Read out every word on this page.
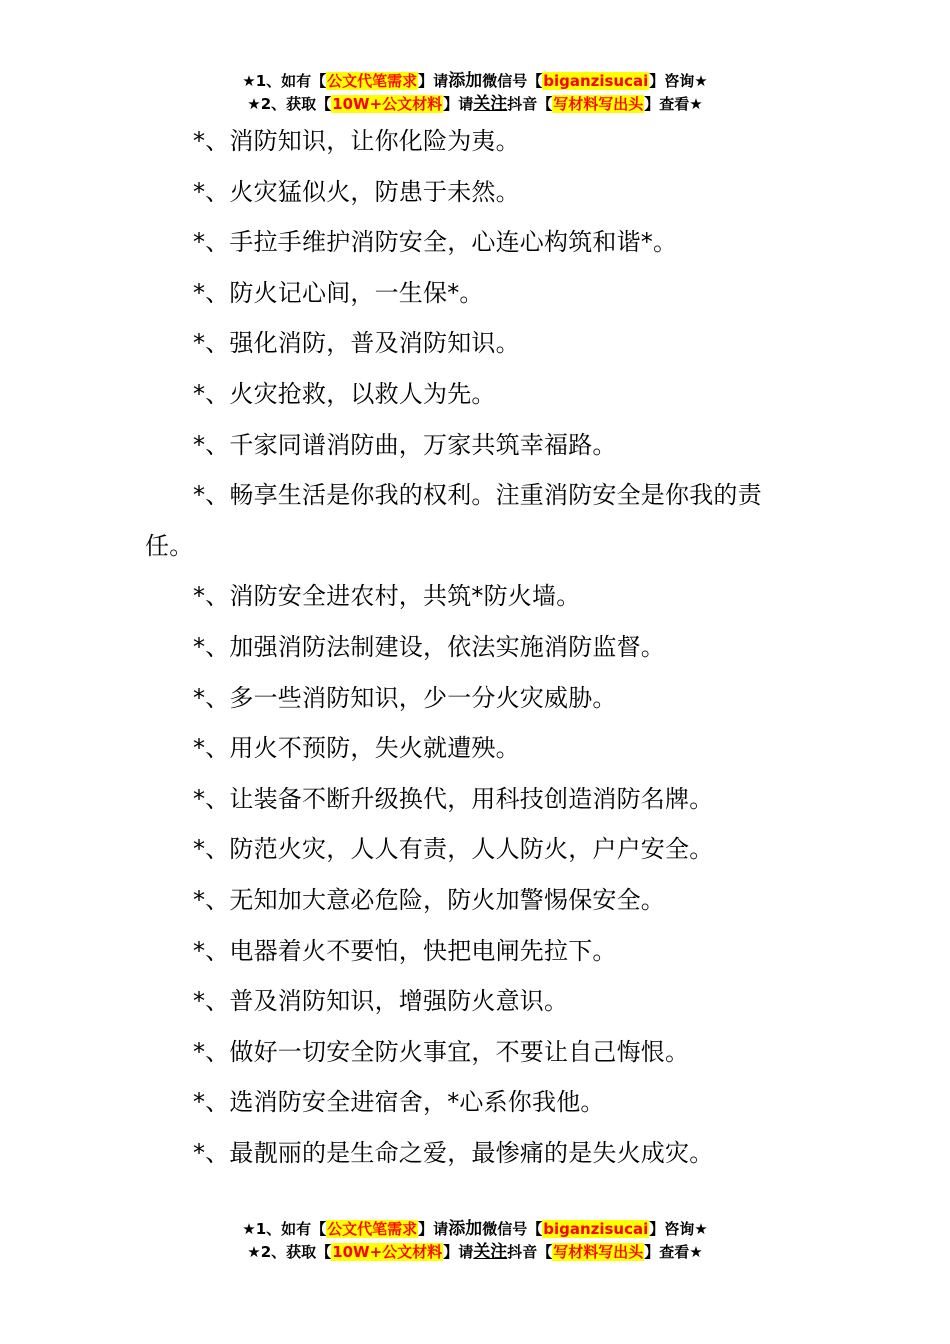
★1、如有【公文代笔需求】请添加微信号【biganzisucai】咨询★
★2、获取【10W+公文材料】请关注抖音【写材料写出头】查看★

*、消防知识，让你化险为夷。

*、火灾猛似火，防患于未然。

*、手拉手维护消防安全，心连心构筑和谐*。

*、防火记心间，一生保*。

*、强化消防，普及消防知识。

*、火灾抢救，以救人为先。

*、千家同谱消防曲，万家共筑幸福路。

*、畅享生活是你我的权利。注重消防安全是你我的责任。

*、消防安全进农村，共筑*防火墙。

*、加强消防法制建设，依法实施消防监督。

*、多一些消防知识，少一分火灾威胁。

*、用火不预防，失火就遭殃。

*、让装备不断升级换代，用科技创造消防名牌。

*、防范火灾，人人有责，人人防火，户户安全。

*、无知加大意必危险，防火加警惕保安全。

*、电器着火不要怕，快把电闸先拉下。

*、普及消防知识，增强防火意识。

*、做好一切安全防火事宜，不要让自己悔恨。

*、选消防安全进宿舍，*心系你我他。

*、最靓丽的是生命之爱，最惨痛的是失火成灾。

★1、如有【公文代笔需求】请添加微信号【biganzisucai】咨询★
★2、获取【10W+公文材料】请关注抖音【写材料写出头】查看★
